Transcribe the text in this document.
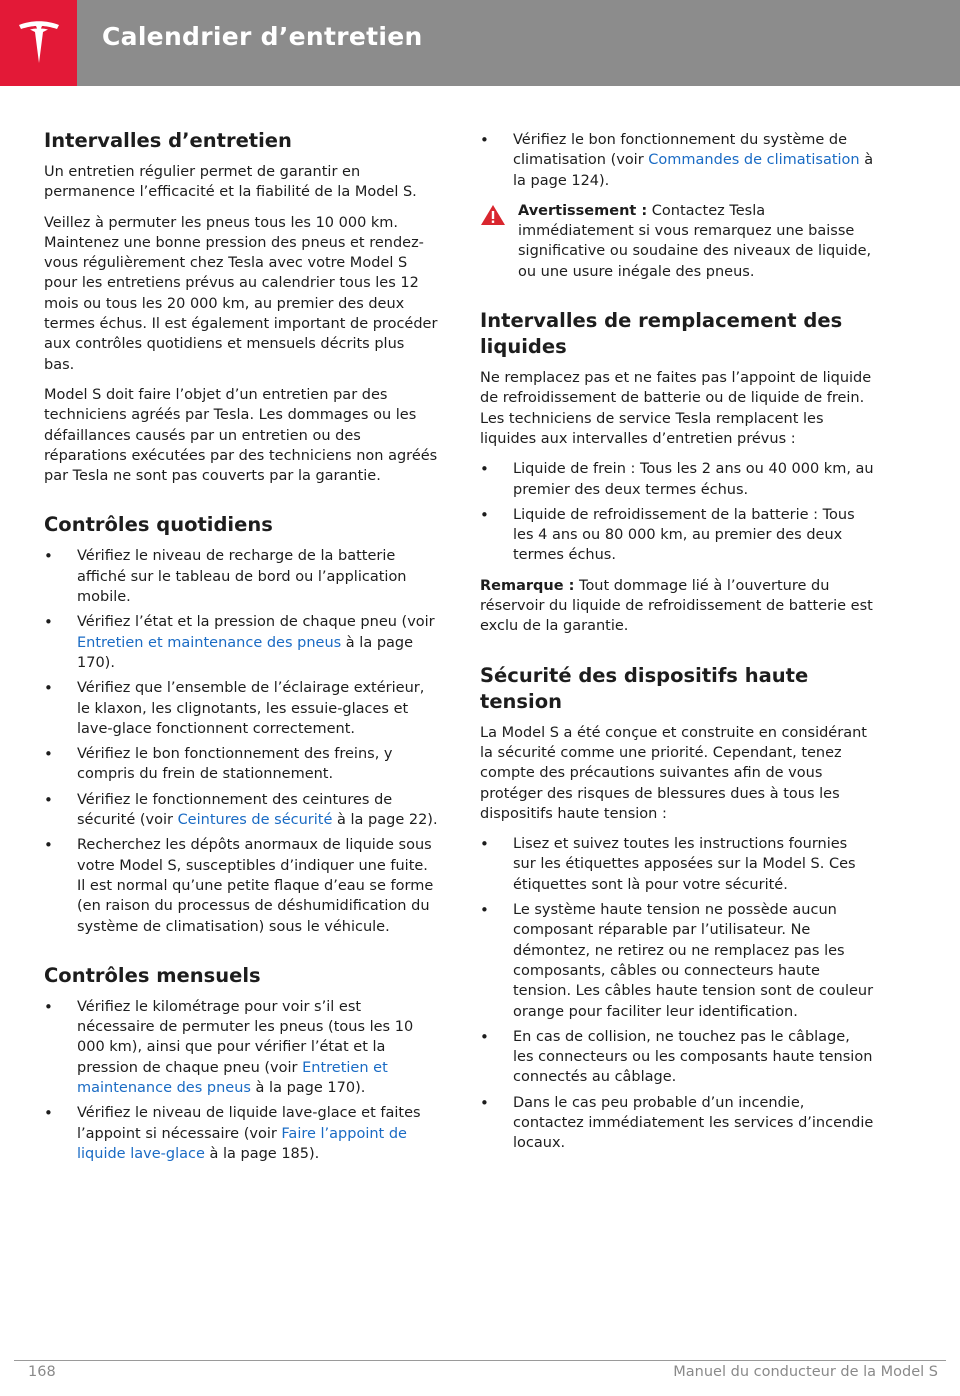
Calendrier d’entretien
Intervalles d’entretien

Un entretien régulier permet de garantir en permanence l’efficacité et la fiabilité de la Model S.

Veillez à permuter les pneus tous les 10 000 km. Maintenez une bonne pression des pneus et rendez-vous régulièrement chez Tesla avec votre Model S pour les entretiens prévus au calendrier tous les 12 mois ou tous les 20 000 km, au premier des deux termes échus. Il est également important de procéder aux contrôles quotidiens et mensuels décrits plus bas.

Model S doit faire l’objet d’un entretien par des techniciens agréés par Tesla. Les dommages ou les défaillances causés par un entretien ou des réparations exécutées par des techniciens non agréés par Tesla ne sont pas couverts par la garantie.

Contrôles quotidiens
• Vérifiez le niveau de recharge de la batterie affiché sur le tableau de bord ou l’application mobile.
• Vérifiez l’état et la pression de chaque pneu (voir Entretien et maintenance des pneus à la page 170).
• Vérifiez que l’ensemble de l’éclairage extérieur, le klaxon, les clignotants, les essuie-glaces et lave-glace fonctionnent correctement.
• Vérifiez le bon fonctionnement des freins, y compris du frein de stationnement.
• Vérifiez le fonctionnement des ceintures de sécurité (voir Ceintures de sécurité à la page 22).
• Recherchez les dépôts anormaux de liquide sous votre Model S, susceptibles d’indiquer une fuite. Il est normal qu’une petite flaque d’eau se forme (en raison du processus de déshumidification du système de climatisation) sous le véhicule.
Contrôles mensuels
• Vérifiez le kilométrage pour voir s’il est nécessaire de permuter les pneus (tous les 10 000 km), ainsi que pour vérifier l’état et la pression de chaque pneu (voir Entretien et maintenance des pneus à la page 170).
• Vérifiez le niveau de liquide lave-glace et faites l’appoint si nécessaire (voir Faire l’appoint de liquide lave-glace à la page 185).
• Vérifiez le bon fonctionnement du système de climatisation (voir Commandes de climatisation à la page 124).

Avertissement : Contactez Tesla immédiatement si vous remarquez une baisse significative ou soudaine des niveaux de liquide, ou une usure inégale des pneus.

Intervalles de remplacement des liquides

Ne remplacez pas et ne faites pas l’appoint de liquide de refroidissement de batterie ou de liquide de frein. Les techniciens de service Tesla remplacent les liquides aux intervalles d’entretien prévus :

• Liquide de frein : Tous les 2 ans ou 40 000 km, au premier des deux termes échus.
• Liquide de refroidissement de la batterie : Tous les 4 ans ou 80 000 km, au premier des deux termes échus.

Remarque : Tout dommage lié à l’ouverture du réservoir du liquide de refroidissement de batterie est exclu de la garantie.

Sécurité des dispositifs haute tension

La Model S a été conçue et construite en considérant la sécurité comme une priorité. Cependant, tenez compte des précautions suivantes afin de vous protéger des risques de blessures dues à tous les dispositifs haute tension :

• Lisez et suivez toutes les instructions fournies sur les étiquettes apposées sur la Model S. Ces étiquettes sont là pour votre sécurité.
• Le système haute tension ne possède aucun composant réparable par l’utilisateur. Ne démontez, ne retirez ou ne remplacez pas les composants, câbles ou connecteurs haute tension. Les câbles haute tension sont de couleur orange pour faciliter leur identification.
• En cas de collision, ne touchez pas le câblage, les connecteurs ou les composants haute tension connectés au câblage.
• Dans le cas peu probable d’un incendie, contactez immédiatement les services d’incendie locaux.
168	Manuel du conducteur de la Model S
